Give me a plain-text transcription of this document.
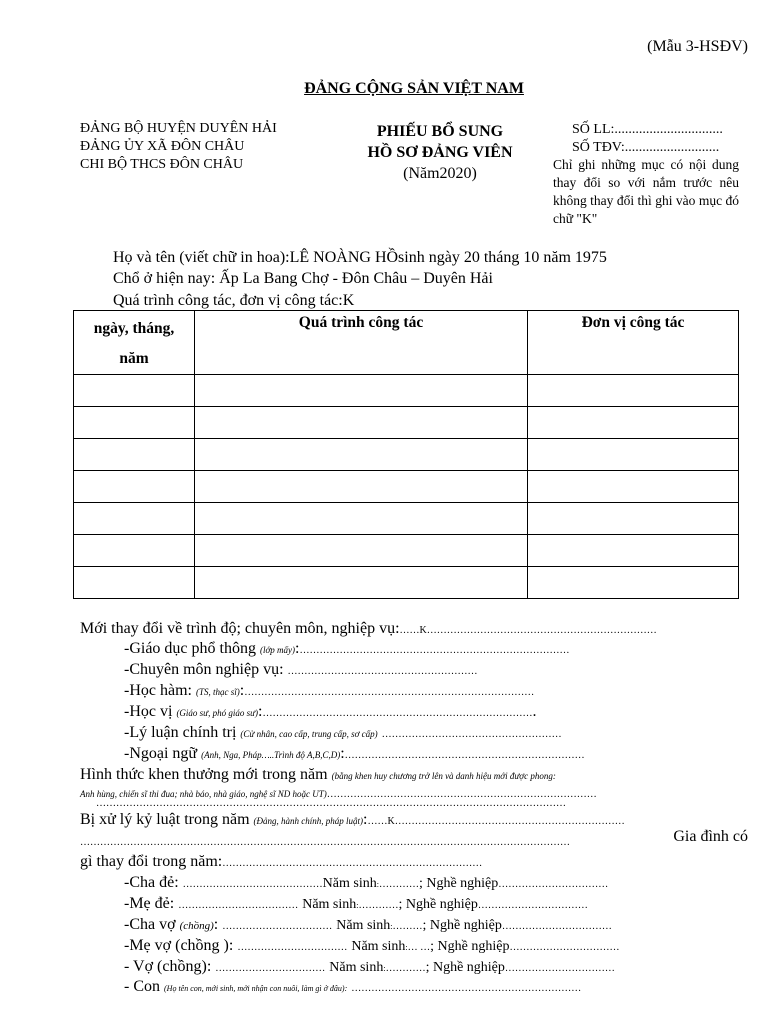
(Mẫu 3-HSĐV)
ĐẢNG CỘNG SẢN VIỆT NAM
ĐẢNG BỘ HUYỆN DUYÊN HẢI
ĐẢNG ỦY XÃ ĐÔN CHÂU
CHI BỘ THCS ĐÔN CHÂU
PHIẾU BỔ SUNG
HỒ SƠ ĐẢNG VIÊN
(Năm2020)
SỐ LL:...............................
SỐ TĐV:...........................
Chỉ ghi những mục có nội dung thay đổi so với nắm trước nêu không thay đổi thì ghi vào mục đó chữ "K"
Họ và tên (viết chữ in hoa):LÊ NOÀNG HỒsinh ngày 20 tháng 10 năm 1975
Chổ ở hiện nay: Ấp La Bang Chợ - Đôn Châu – Duyên Hải
Quá trình công tác, đơn vị công tác:K
ngày, tháng,
năm	Quá trình công tác	Đơn vị công tác

Mới thay đổi về trình độ; chuyên môn, nghiệp vụ:……K……………………………………………………………
-Giáo dục phổ thông (lớp mấy):………………………………………………………………………
-Chuyên môn nghiệp vụ: …………………………………………………
-Học hàm: (TS, thạc sĩ):……………………………………………………………………………
-Học vị (Giáo sư, phó giáo sư):……………………………………………………………………….
-Lý luận chính trị (Cử nhân, cao cấp, trung cấp, sơ cấp) ………………………………………………
-Ngoại ngữ (Anh, Nga, Pháp…..Trình độ A,B,C,D):………………………………………………………………
Hình thức khen thưởng mới trong năm (bằng khen huy chương trở lên và danh hiệu mới được phong:
Anh hùng, chiến sĩ thi đua; nhà báo, nhà giáo, nghệ sĩ ND hoặc UT)………………………………………………………………………
……………………………………………………………………………………………………………………………
Bị xử lý kỷ luật trong năm (Đảng, hành chính, pháp luật):……K……………………………………………………………
…………………………………………………………………………………………………………………………………	Gia đình có
gì thay đổi trong năm:……………………………………………………………………
-Cha đẻ: ……………………………………Năm sinh:…………; Nghề nghiệp……………………………
-Mẹ đẻ: ……………………………… Năm sinh:…………; Nghề nghiệp……………………………
-Cha vợ (chồng): …………………………… Năm sinh:………; Nghề nghiệp……………………………
-Mẹ vợ (chồng ): …………………………… Năm sinh:… …; Nghề nghiệp……………………………
- Vợ (chồng): …………………………… Năm sinh:…………; Nghề nghiệp……………………………
- Con (Họ tên con, mới sinh, mới nhận con nuôi, làm gì ở đâu): ……………………………………………………………
